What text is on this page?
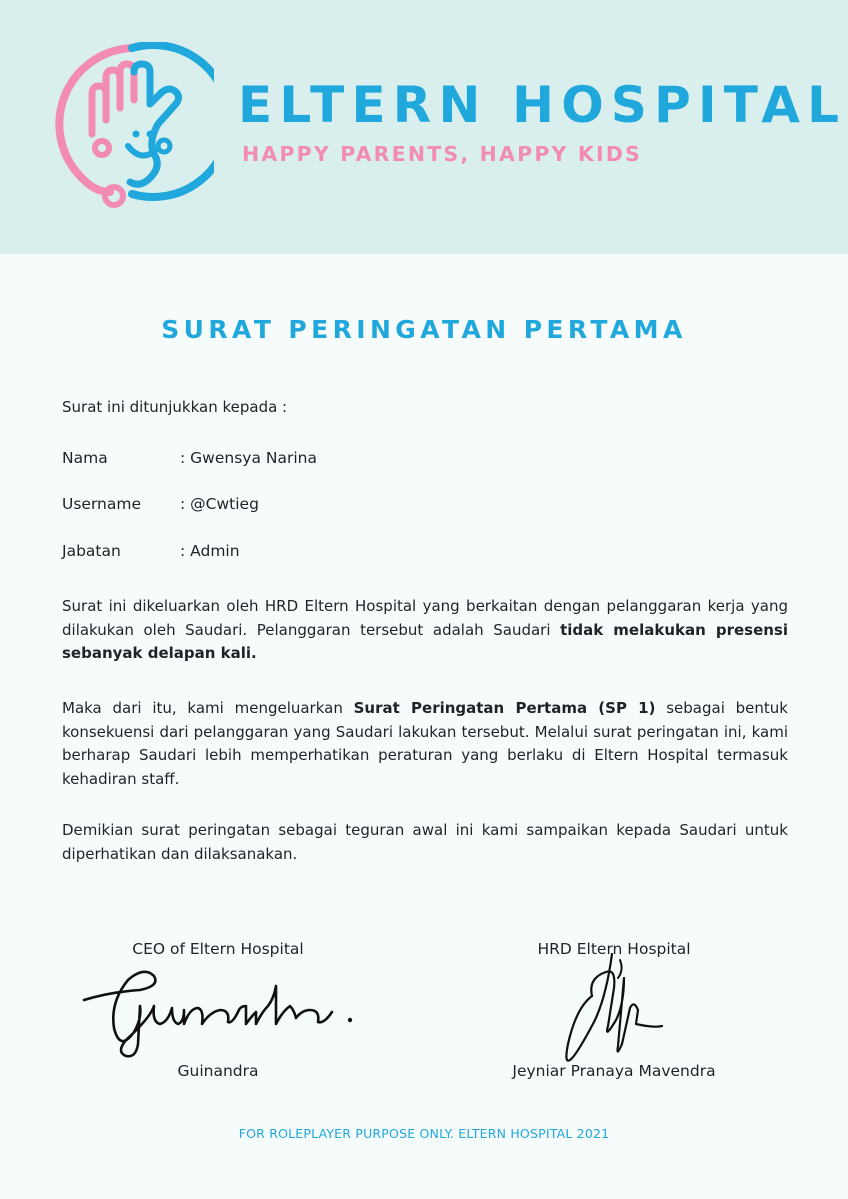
ELTERN HOSPITAL
HAPPY PARENTS, HAPPY KIDS
SURAT PERINGATAN PERTAMA
Surat ini ditunjukkan kepada :
Nama	: Gwensya Narina
Username	: @Cwtieg
Jabatan	: Admin
Surat ini dikeluarkan oleh HRD Eltern Hospital yang berkaitan dengan pelanggaran kerja yang dilakukan oleh Saudari. Pelanggaran tersebut adalah Saudari tidak melakukan presensi sebanyak delapan kali.
Maka dari itu, kami mengeluarkan Surat Peringatan Pertama (SP 1) sebagai bentuk konsekuensi dari pelanggaran yang Saudari lakukan tersebut. Melalui surat peringatan ini, kami berharap Saudari lebih memperhatikan peraturan yang berlaku di Eltern Hospital termasuk kehadiran staff.
Demikian surat peringatan sebagai teguran awal ini kami sampaikan kepada Saudari untuk diperhatikan dan dilaksanakan.
CEO of Eltern Hospital
Guinandra
HRD Eltern Hospital
Jeyniar Pranaya Mavendra
FOR ROLEPLAYER PURPOSE ONLY. ELTERN HOSPITAL 2021
